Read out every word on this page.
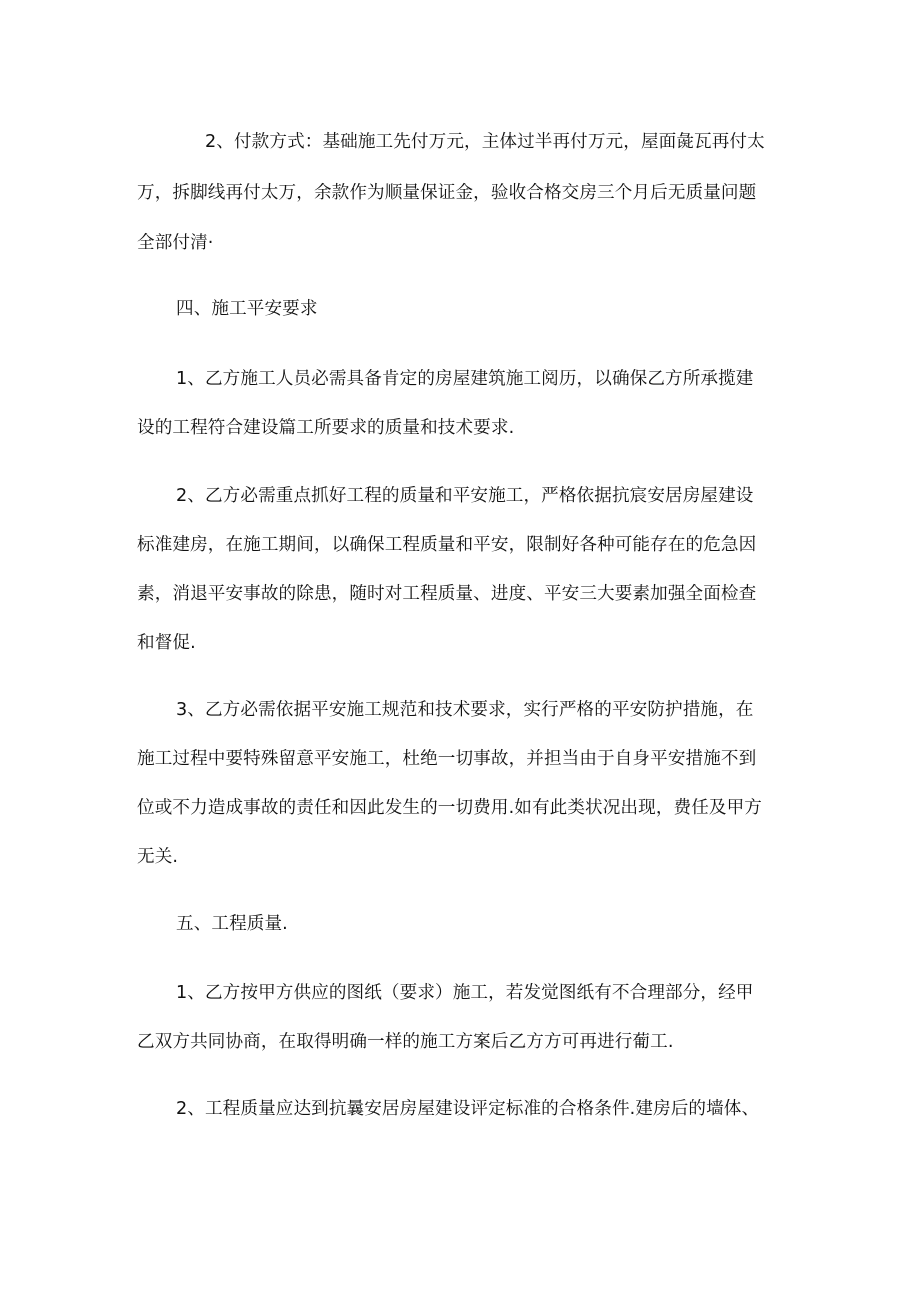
2、付款方式：基础施工先付万元，主体过半再付万元，屋面彘瓦再付太
万，拆脚线再付太万，余款作为顺量保证金，验收合格交房三个月后无质量问题
全部付清·
四、施工平安要求
1、乙方施工人员必需具备肯定的房屋建筑施工阅历，以确保乙方所承揽建
设的工程符合建设篇工所要求的质量和技术要求.
2、乙方必需重点抓好工程的质量和平安施工，严格依据抗宸安居房屋建设
标准建房，在施工期间，以确保工程质量和平安，限制好各种可能存在的危急因
素，消退平安事故的除患，随时对工程质量、进度、平安三大要素加强全面检查
和督促.
3、乙方必需依据平安施工规范和技术要求，实行严格的平安防护措施，在
施工过程中要特殊留意平安施工，杜绝一切事故，并担当由于自身平安措施不到
位或不力造成事故的责任和因此发生的一切费用.如有此类状况出现，费任及甲方
无关.
五、工程质量.
1、乙方按甲方供应的图纸（要求）施工，若发觉图纸有不合理部分，经甲
乙双方共同协商，在取得明确一样的施工方案后乙方方可再进行葡工.
2、工程质量应达到抗曩安居房屋建设评定标准的合格条件.建房后的墙体、
